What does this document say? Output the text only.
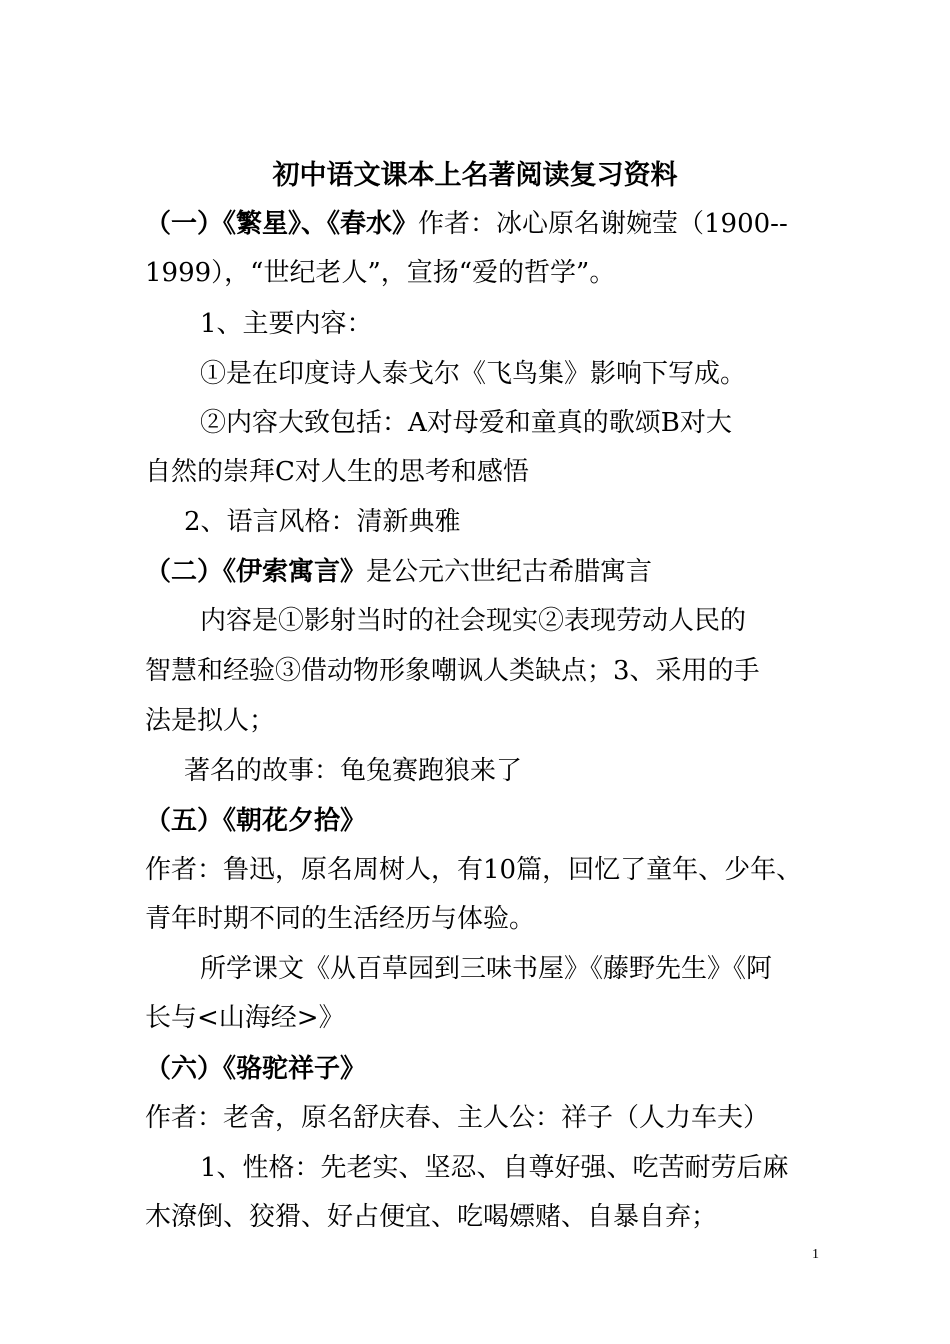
初中语文课本上名著阅读复习资料
（一）《繁星》、《春水》作者：冰心原名谢婉莹（1900--
1999），“世纪老人”，宣扬“爱的哲学”。
1、主要内容：
①是在印度诗人泰戈尔《飞鸟集》影响下写成。
②内容大致包括：A对母爱和童真的歌颂B对大
自然的崇拜C对人生的思考和感悟
2、语言风格：清新典雅
（二）《伊索寓言》是公元六世纪古希腊寓言
内容是①影射当时的社会现实②表现劳动人民的
智慧和经验③借动物形象嘲讽人类缺点；3、采用的手
法是拟人；
著名的故事：龟兔赛跑狼来了
（五）《朝花夕拾》
作者：鲁迅，原名周树人，有10篇，回忆了童年、少年、
青年时期不同的生活经历与体验。
所学课文《从百草园到三味书屋》《藤野先生》《阿
长与<山海经>》
（六）《骆驼祥子》
作者：老舍，原名舒庆春、主人公：祥子（人力车夫）
1、性格：先老实、坚忍、自尊好强、吃苦耐劳后麻
木潦倒、狡猾、好占便宜、吃喝嫖赌、自暴自弃；
1
